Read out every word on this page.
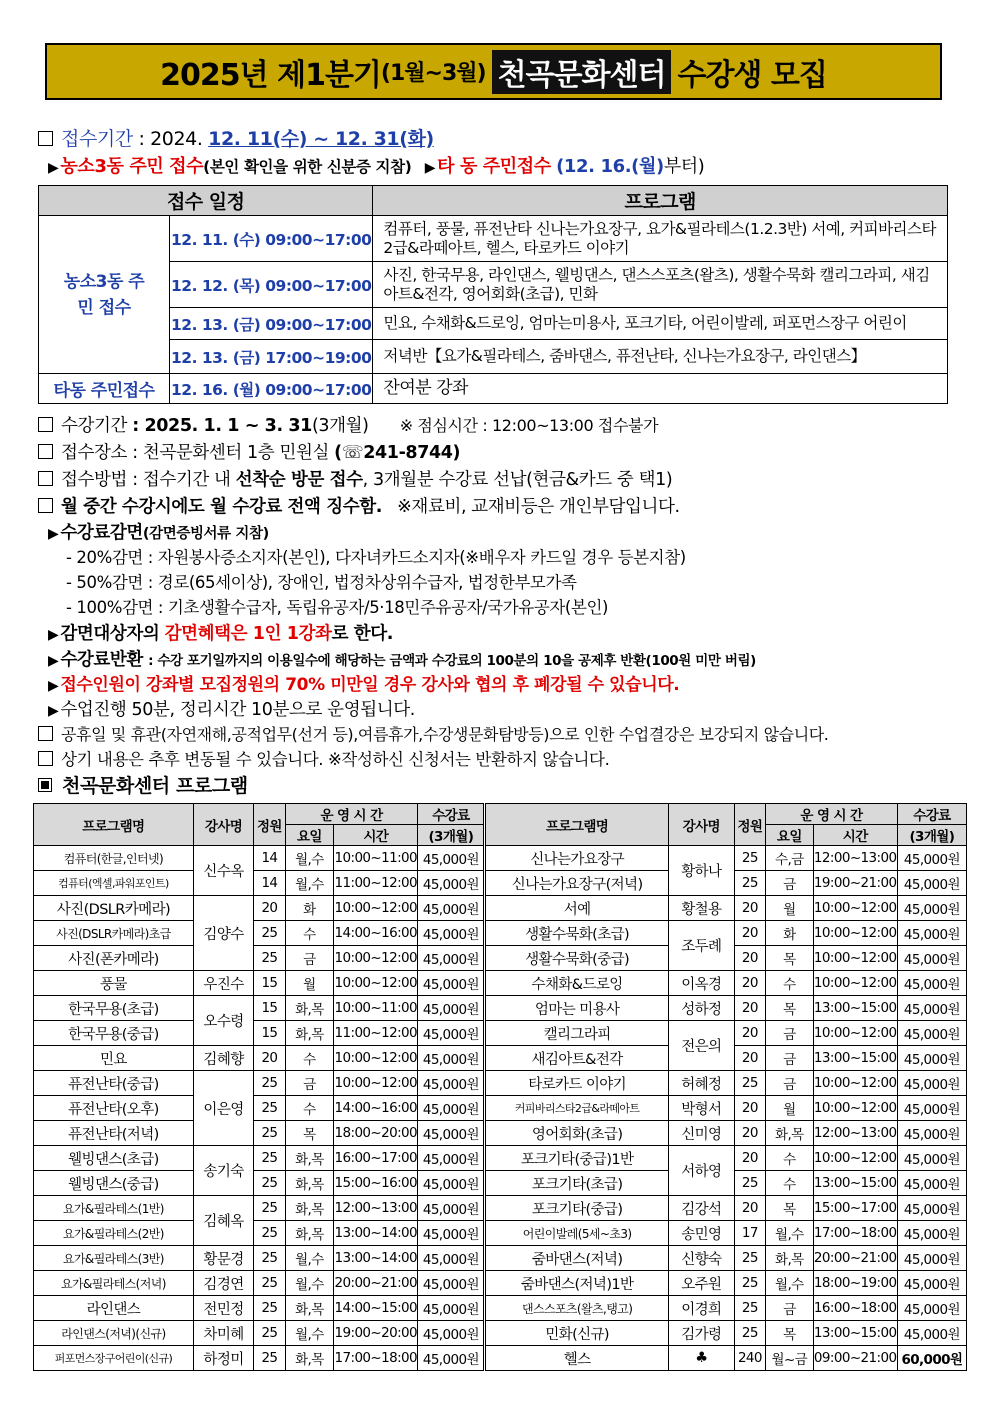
2025년 제1분기 (1월~3월) 천곡문화센터 수강생 모집
접수기간 : 2024. 12. 11(수) ~ 12. 31(화)
▶ 농소3동 주민 접수(본인 확인을 위한 신분증 지참) ▶ 타 동 주민접수 (12. 16.(월)부터)
접수 일정		프로그램

농소3동 주민 접수	12. 11. (수) 09:00~17:00	컴퓨터, 풍물, 퓨전난타 신나는가요장구, 요가&필라테스(1.2.3반) 서예, 커피바리스타2급&라떼아트, 헬스, 타로카드 이야기
	12. 12. (목) 09:00~17:00	사진, 한국무용, 라인댄스, 웰빙댄스, 댄스스포츠(왈츠), 생활수묵화 캘리그라피, 새김아트&전각, 영어회화(초급), 민화
	12. 13. (금) 09:00~17:00	민요, 수채화&드로잉, 엄마는미용사, 포크기타, 어린이발레, 퍼포먼스장구 어린이
	12. 13. (금) 17:00~19:00	저녁반【요가&필라테스, 줌바댄스, 퓨전난타, 신나는가요장구, 라인댄스】
타동 주민접수	12. 16. (월) 09:00~17:00	잔여분 강좌
수강기간 : 2025. 1. 1 ~ 3. 31(3개월) ※ 점심시간 : 12:00~13:00 접수불가
접수장소 : 천곡문화센터 1층 민원실 (☏241-8744)
접수방법 : 접수기간 내 선착순 방문 접수, 3개월분 수강료 선납(현금&카드 중 택1)
월 중간 수강시에도 월 수강료 전액 징수함. ※재료비, 교재비등은 개인부담입니다.
▶ 수강료감면(감면증빙서류 지참)
- 20%감면 : 자원봉사증소지자(본인), 다자녀카드소지자(※배우자 카드일 경우 등본지참)
- 50%감면 : 경로(65세이상), 장애인, 법정차상위수급자, 법정한부모가족
- 100%감면 : 기초생활수급자, 독립유공자/5·18민주유공자/국가유공자(본인)
▶ 감면대상자의 감면혜택은 1인 1강좌로 한다.
▶ 수강료반환 : 수강 포기일까지의 이용일수에 해당하는 금액과 수강료의 100분의 10을 공제후 반환(100원 미만 버림)
▶ 접수인원이 강좌별 모집정원의 70% 미만일 경우 강사와 협의 후 폐강될 수 있습니다.
▶ 수업진행 50분, 정리시간 10분으로 운영됩니다.
공휴일 및 휴관(자연재해,공적업무(선거 등),여름휴가,수강생문화탐방등)으로 인한 수업결강은 보강되지 않습니다.
상기 내용은 추후 변동될 수 있습니다. ※작성하신 신청서는 반환하지 않습니다.
천곡문화센터 프로그램
프로그램명	강사명	정원	운 영 시 간		수강료	프로그램명	강사명	정원	운 영 시 간		수강료
			요일	시간	(3개월)				요일	시간	(3개월)
컴퓨터(한글,인터넷)	신수옥	14	월,수	10:00~11:00	45,000원	신나는가요장구	황하나	25	수,금	12:00~13:00	45,000원
컴퓨터(엑셀,파워포인트)		14	월,수	11:00~12:00	45,000원	신나는가요장구(저녁)		25	금	19:00~21:00	45,000원
사진(DSLR카메라)	김양수	20	화	10:00~12:00	45,000원	서예	황철용	20	월	10:00~12:00	45,000원
사진(DSLR카메라)초급		25	수	14:00~16:00	45,000원	생활수묵화(초급)	조두례	20	화	10:00~12:00	45,000원
사진(폰카메라)		25	금	10:00~12:00	45,000원	생활수묵화(중급)		20	목	10:00~12:00	45,000원
풍물	우진수	15	월	10:00~12:00	45,000원	수채화&드로잉	이옥경	20	수	10:00~12:00	45,000원
한국무용(초급)	오수령	15	화,목	10:00~11:00	45,000원	엄마는 미용사	성하정	20	목	13:00~15:00	45,000원
한국무용(중급)		15	화,목	11:00~12:00	45,000원	캘리그라피	전은의	20	금	10:00~12:00	45,000원
민요	김혜향	20	수	10:00~12:00	45,000원	새김아트&전각		20	금	13:00~15:00	45,000원
퓨전난타(중급)	이은영	25	금	10:00~12:00	45,000원	타로카드 이야기	허혜정	25	금	10:00~12:00	45,000원
퓨전난타(오후)		25	수	14:00~16:00	45,000원	커피바리스타2급&라떼아트	박형서	20	월	10:00~12:00	45,000원
퓨전난타(저녁)		25	목	18:00~20:00	45,000원	영어회화(초급)	신미영	20	화,목	12:00~13:00	45,000원
웰빙댄스(초급)	송기숙	25	화,목	16:00~17:00	45,000원	포크기타(중급)1반	서하영	20	수	10:00~12:00	45,000원
웰빙댄스(중급)		25	화,목	15:00~16:00	45,000원	포크기타(초급)		25	수	13:00~15:00	45,000원
요가&필라테스(1반)	김혜옥	25	화,목	12:00~13:00	45,000원	포크기타(중급)	김강석	20	목	15:00~17:00	45,000원
요가&필라테스(2반)		25	화,목	13:00~14:00	45,000원	어린이발레(5세~초3)	송민영	17	월,수	17:00~18:00	45,000원
요가&필라테스(3반)	황문경	25	월,수	13:00~14:00	45,000원	줌바댄스(저녁)	신향숙	25	화,목	20:00~21:00	45,000원
요가&필라테스(저녁)	김경연	25	월,수	20:00~21:00	45,000원	줌바댄스(저녁)1반	오주원	25	월,수	18:00~19:00	45,000원
라인댄스	전민정	25	화,목	14:00~15:00	45,000원	댄스스포츠(왈츠,탱고)	이경희	25	금	16:00~18:00	45,000원
라인댄스(저녁)(신규)	차미혜	25	월,수	19:00~20:00	45,000원	민화(신규)	김가령	25	목	13:00~15:00	45,000원
퍼포먼스장구어린이(신규)	하정미	25	화,목	17:00~18:00	45,000원	헬스	♣	240	월~금	09:00~21:00	60,000원
